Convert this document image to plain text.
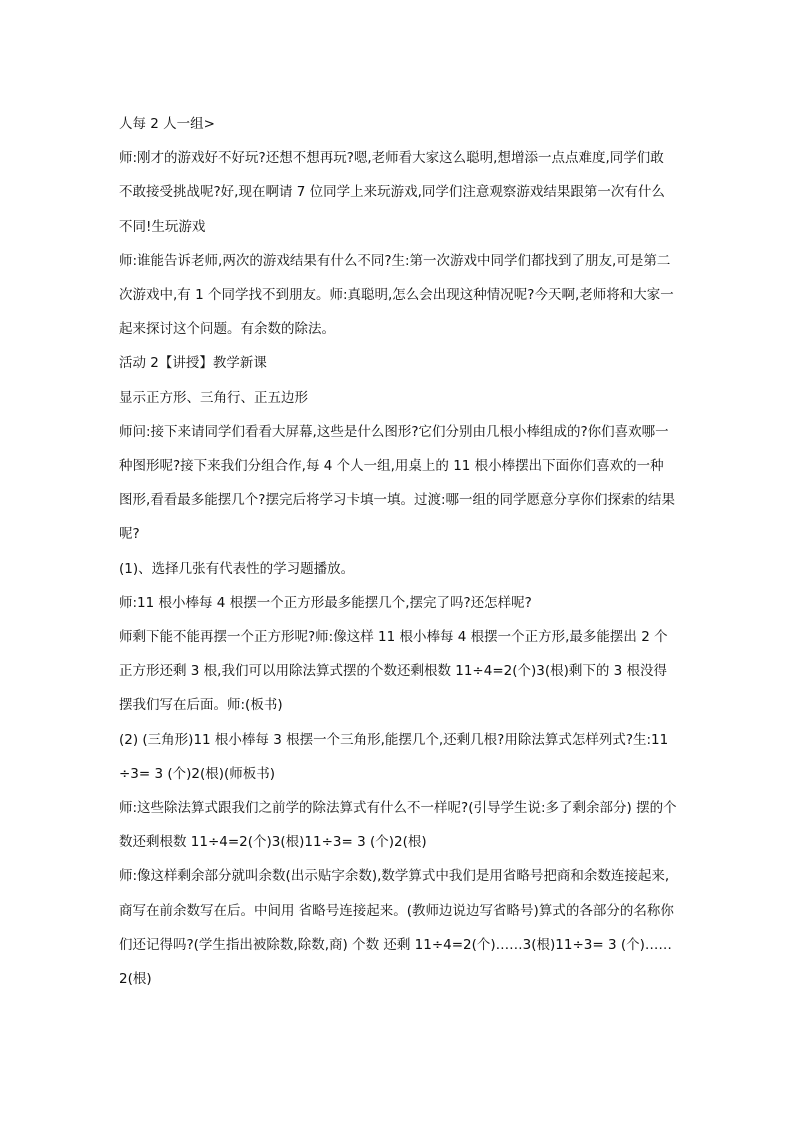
人每 2 人一组>

师:刚才的游戏好不好玩?还想不想再玩?嗯,老师看大家这么聪明,想增添一点点难度,同学们敢不敢接受挑战呢?好,现在啊请 7 位同学上来玩游戏,同学们注意观察游戏结果跟第一次有什么不同!生玩游戏

师:谁能告诉老师,两次的游戏结果有什么不同?生:第一次游戏中同学们都找到了朋友,可是第二次游戏中,有 1 个同学找不到朋友。师:真聪明,怎么会出现这种情况呢?今天啊,老师将和大家一起来探讨这个问题。有余数的除法。

活动 2【讲授】教学新课

显示正方形、三角行、正五边形

师问:接下来请同学们看看大屏幕,这些是什么图形?它们分别由几根小棒组成的?你们喜欢哪一种图形呢?接下来我们分组合作,每 4 个人一组,用桌上的 11 根小棒摆出下面你们喜欢的一种图形,看看最多能摆几个?摆完后将学习卡填一填。过渡:哪一组的同学愿意分享你们探索的结果呢?

(1)、选择几张有代表性的学习题播放。

师:11 根小棒每 4 根摆一个正方形最多能摆几个,摆完了吗?还怎样呢?

师剩下能不能再摆一个正方形呢?师:像这样 11 根小棒每 4 根摆一个正方形,最多能摆出 2 个正方形还剩 3 根,我们可以用除法算式摆的个数还剩根数 11÷4=2(个)3(根)剩下的 3 根没得摆我们写在后面。师:(板书)

(2) (三角形)11 根小棒每 3 根摆一个三角形,能摆几个,还剩几根?用除法算式怎样列式?生:11÷3= 3 (个)2(根)(师板书)

师:这些除法算式跟我们之前学的除法算式有什么不一样呢?(引导学生说:多了剩余部分) 摆的个数还剩根数 11÷4=2(个)3(根)11÷3= 3 (个)2(根)

师:像这样剩余部分就叫余数(出示贴字余数),数学算式中我们是用省略号把商和余数连接起来,商写在前余数写在后。中间用 省略号连接起来。(教师边说边写省略号)算式的各部分的名称你们还记得吗?(学生指出被除数,除数,商) 个数 还剩 11÷4=2(个)……3(根)11÷3= 3 (个)……2(根)
